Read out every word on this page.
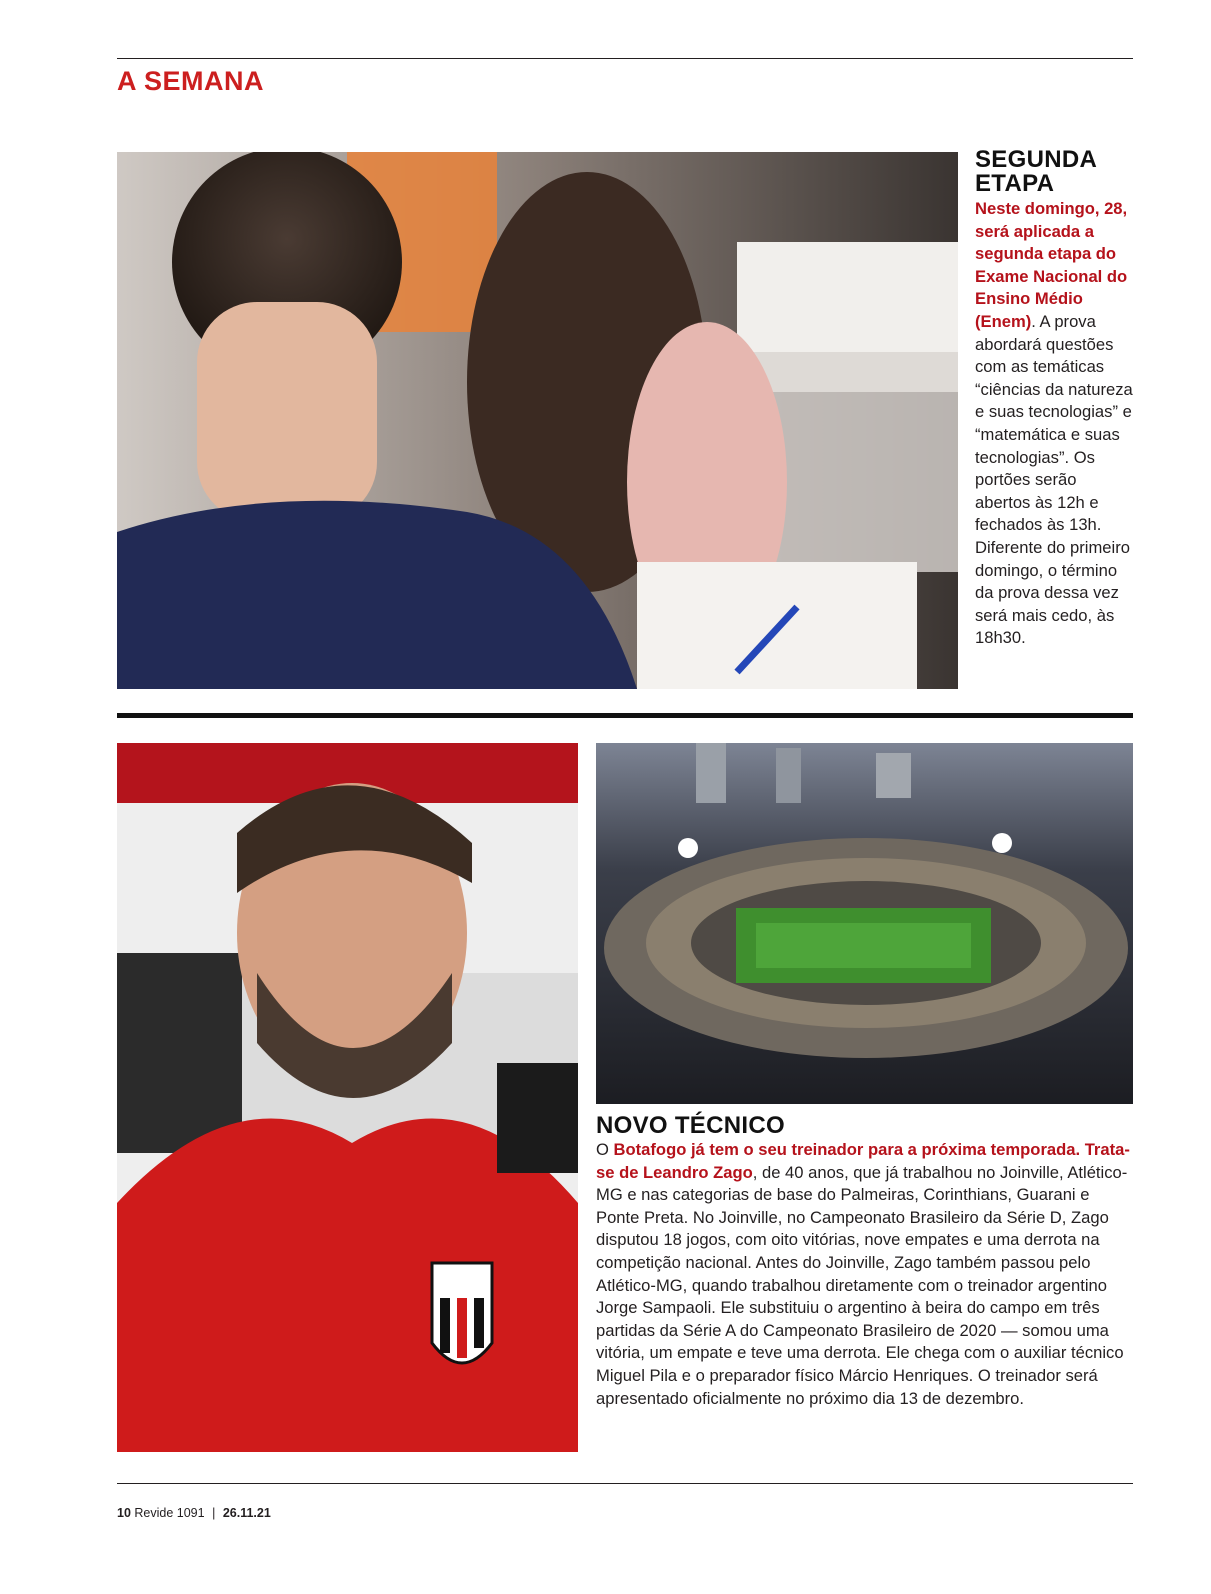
A SEMANA
SEGUNDA
ETAPA

Neste domingo, 28, será aplicada a segunda etapa do Exame Nacional do Ensino Médio (Enem). A prova abordará questões com as temáticas “ciências da natureza e suas tecnologias” e “matemática e suas tecnologias”. Os portões serão abertos às 12h e fechados às 13h. Diferente do primeiro domingo, o término da prova dessa vez será mais cedo, às 18h30.

NOVO TÉCNICO

O Botafogo já tem o seu treinador para a próxima temporada. Trata-se de Leandro Zago, de 40 anos, que já trabalhou no Joinville, Atlético-MG e nas categorias de base do Palmeiras, Corinthians, Guarani e Ponte Preta. No Joinville, no Campeonato Brasileiro da Série D, Zago disputou 18 jogos, com oito vitórias, nove empates e uma derrota na competição nacional. Antes do Joinville, Zago também passou pelo Atlético-MG, quando trabalhou diretamente com o treinador argentino Jorge Sampaoli. Ele substituiu o argentino à beira do campo em três partidas da Série A do Campeonato Brasileiro de 2020 — somou uma vitória, um empate e teve uma derrota. Ele chega com o auxiliar técnico Miguel Pila e o preparador físico Márcio Henriques. O treinador será apresentado oficialmente no próximo dia 13 de dezembro.

10 Revide 1091 | 26.11.21
